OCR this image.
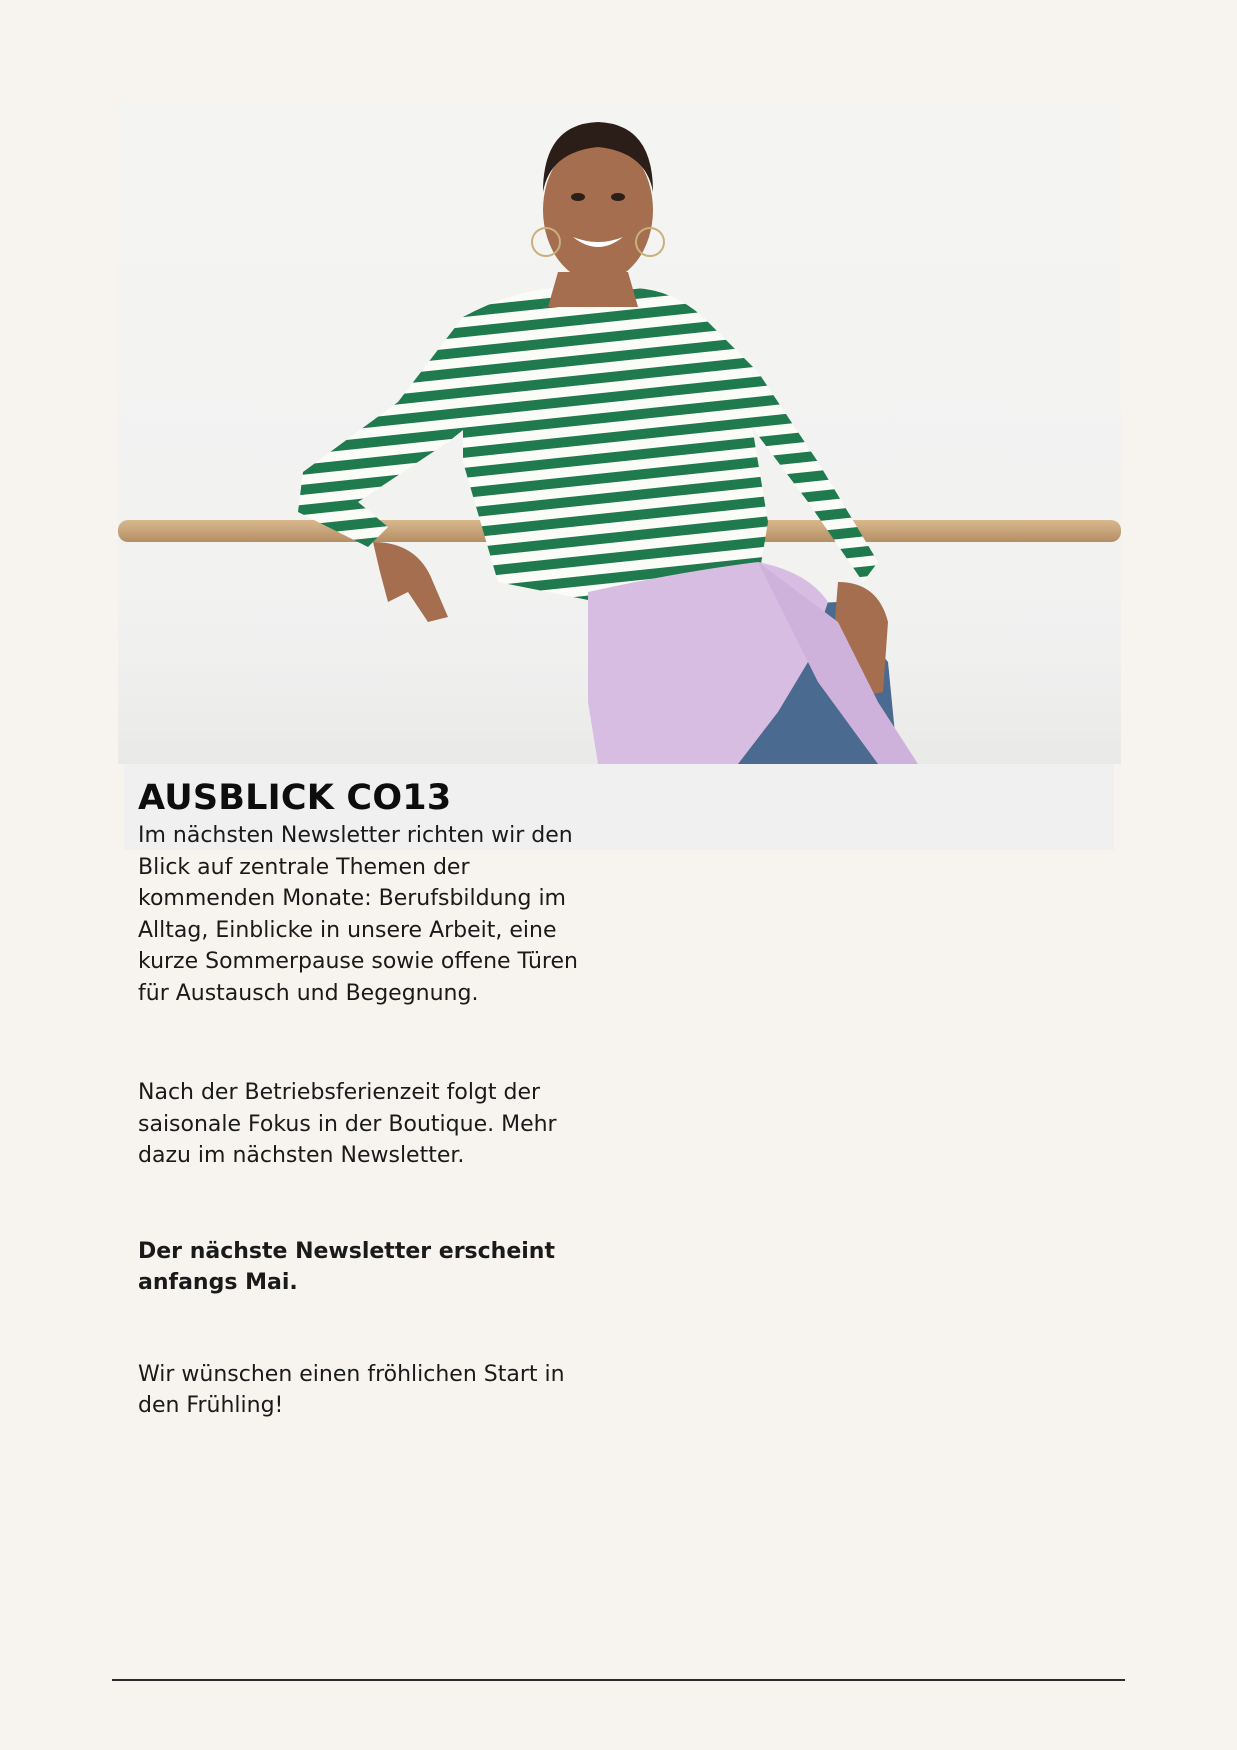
AUSBLICK CO13

Im nächsten Newsletter richten wir den Blick auf zentrale Themen der kommenden Monate: Berufsbildung im Alltag, Einblicke in unsere Arbeit, eine kurze Sommerpause sowie offene Türen für Austausch und Begegnung.

Nach der Betriebsferienzeit folgt der saisonale Fokus in der Boutique. Mehr dazu im nächsten Newsletter.

Der nächste Newsletter erscheint anfangs Mai.

Wir wünschen einen fröhlichen Start in den Frühling!
